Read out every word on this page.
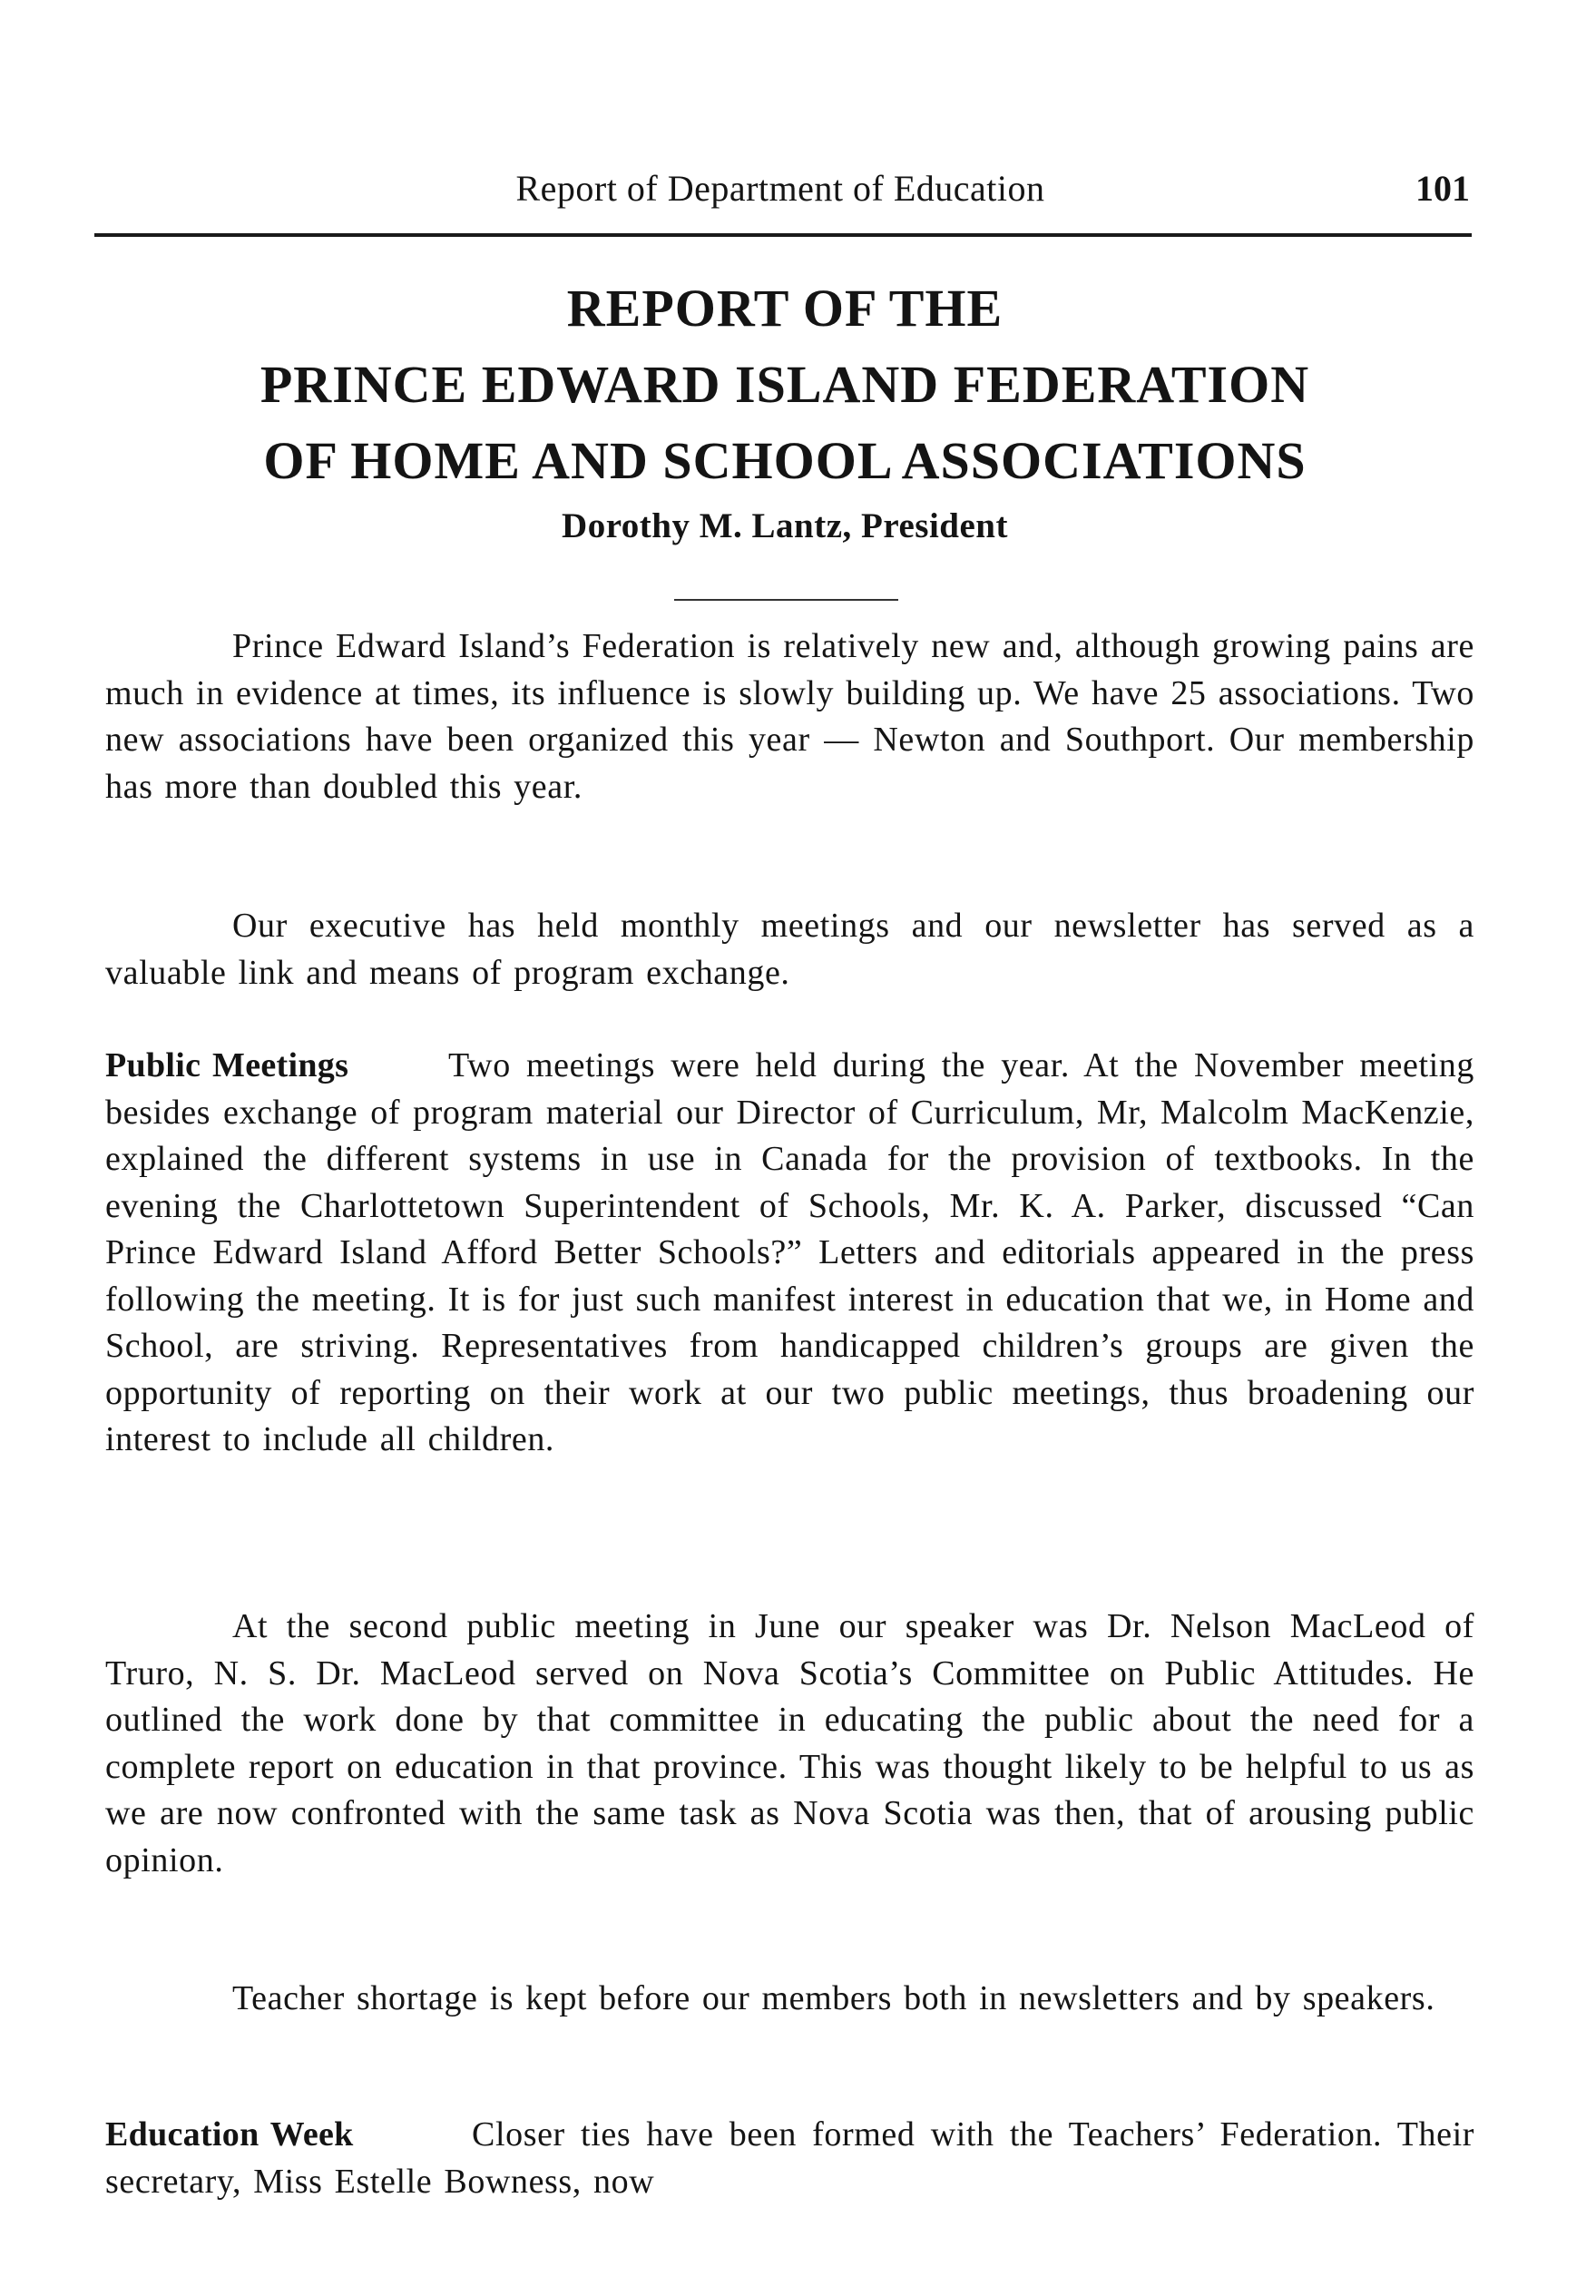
Report of Department of Education	101
REPORT OF THE
PRINCE EDWARD ISLAND FEDERATION
OF HOME AND SCHOOL ASSOCIATIONS
Dorothy M. Lantz, President

Prince Edward Island’s Federation is relatively new and, although growing pains are much in evidence at times, its influence is slowly building up. We have 25 associations. Two new associations have been organized this year — Newton and Southport. Our membership has more than doubled this year.

Our executive has held monthly meetings and our newsletter has served as a valuable link and means of program exchange.

Public Meetings	Two meetings were held during the year. At the November meeting besides exchange of program material our Director of Curriculum, Mr, Malcolm MacKenzie, explained the different systems in use in Canada for the provision of textbooks. In the evening the Charlottetown Superintendent of Schools, Mr. K. A. Parker, discussed “Can Prince Edward Island Afford Better Schools?” Letters and editorials appeared in the press following the meeting. It is for just such manifest interest in education that we, in Home and School, are striving. Representatives from handicapped children’s groups are given the opportunity of reporting on their work at our two public meetings, thus broadening our interest to include all children.

At the second public meeting in June our speaker was Dr. Nelson MacLeod of Truro, N. S. Dr. MacLeod served on Nova Scotia’s Committee on Public Attitudes. He outlined the work done by that committee in educating the public about the need for a complete report on education in that province. This was thought likely to be helpful to us as we are now confronted with the same task as Nova Scotia was then, that of arousing public opinion.

Teacher shortage is kept before our members both in newsletters and by speakers.

Education Week	Closer ties have been formed with the Teachers’ Federation. Their secretary, Miss Estelle Bowness, now
